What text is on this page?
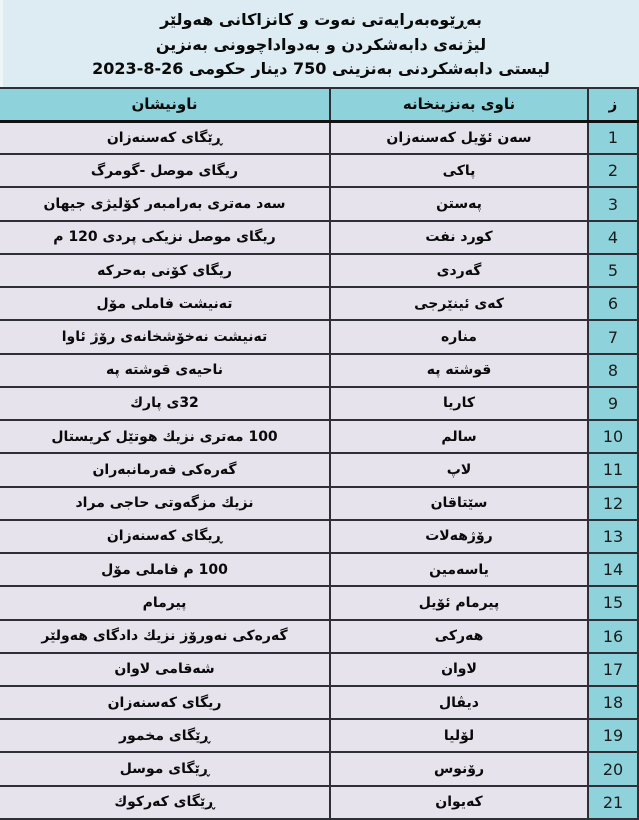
بەڕێوەبەرایەتی نەوت و کانزاکانی هەولێر
لیژنەی دابەشکردن و بەدواداچوونی بەنزین
لیستی دابەشکردنی بەنزینی 750 دینار حکومی 26-8-2023
ز	ناوی بەنزینخانە	ناونیشان
1	سەن ئۆیل کەسنەزان	ڕێگای کەسنەزان
2	پاکی	ریگای موصل -گومرگ
3	پەستن	سەد مەتری بەرامبەر کۆلیژی جیهان
4	کورد نفت	ریگای موصل نزیکی پردی 120 م
5	گەردی	ریگای کۆنی بەحرکە
6	کەی ئینێرجی	تەنیشت فاملی مۆل
7	مناره	تەنیشت نەخۆشخانەی رۆژ ئاوا
8	قوشتە پە	ناحیەی قوشتە پە
9	کاریا	32ی پارك
10	سالم	100 مەتری نزیك هوتێل کریستال
11	لاپ	گەرەکی فەرمانبەران
12	سێتاقان	نزیك مزگەوتی حاجی مراد
13	رۆژهەلات	ڕیگای کەسنەزان
14	یاسەمین	100 م فاملی مۆل
15	پیرمام ئۆیل	پیرمام
16	هەرکی	گەرەکی نەورۆز نزیك دادگای هەولێر
17	لاوان	شەقامی لاوان
18	دیڤال	ریگای کەسنەزان
19	لۆلیا	ڕێگای مخمور
20	رۆنوس	ڕێگای موسل
21	کەیوان	ڕێگای کەرکوك
